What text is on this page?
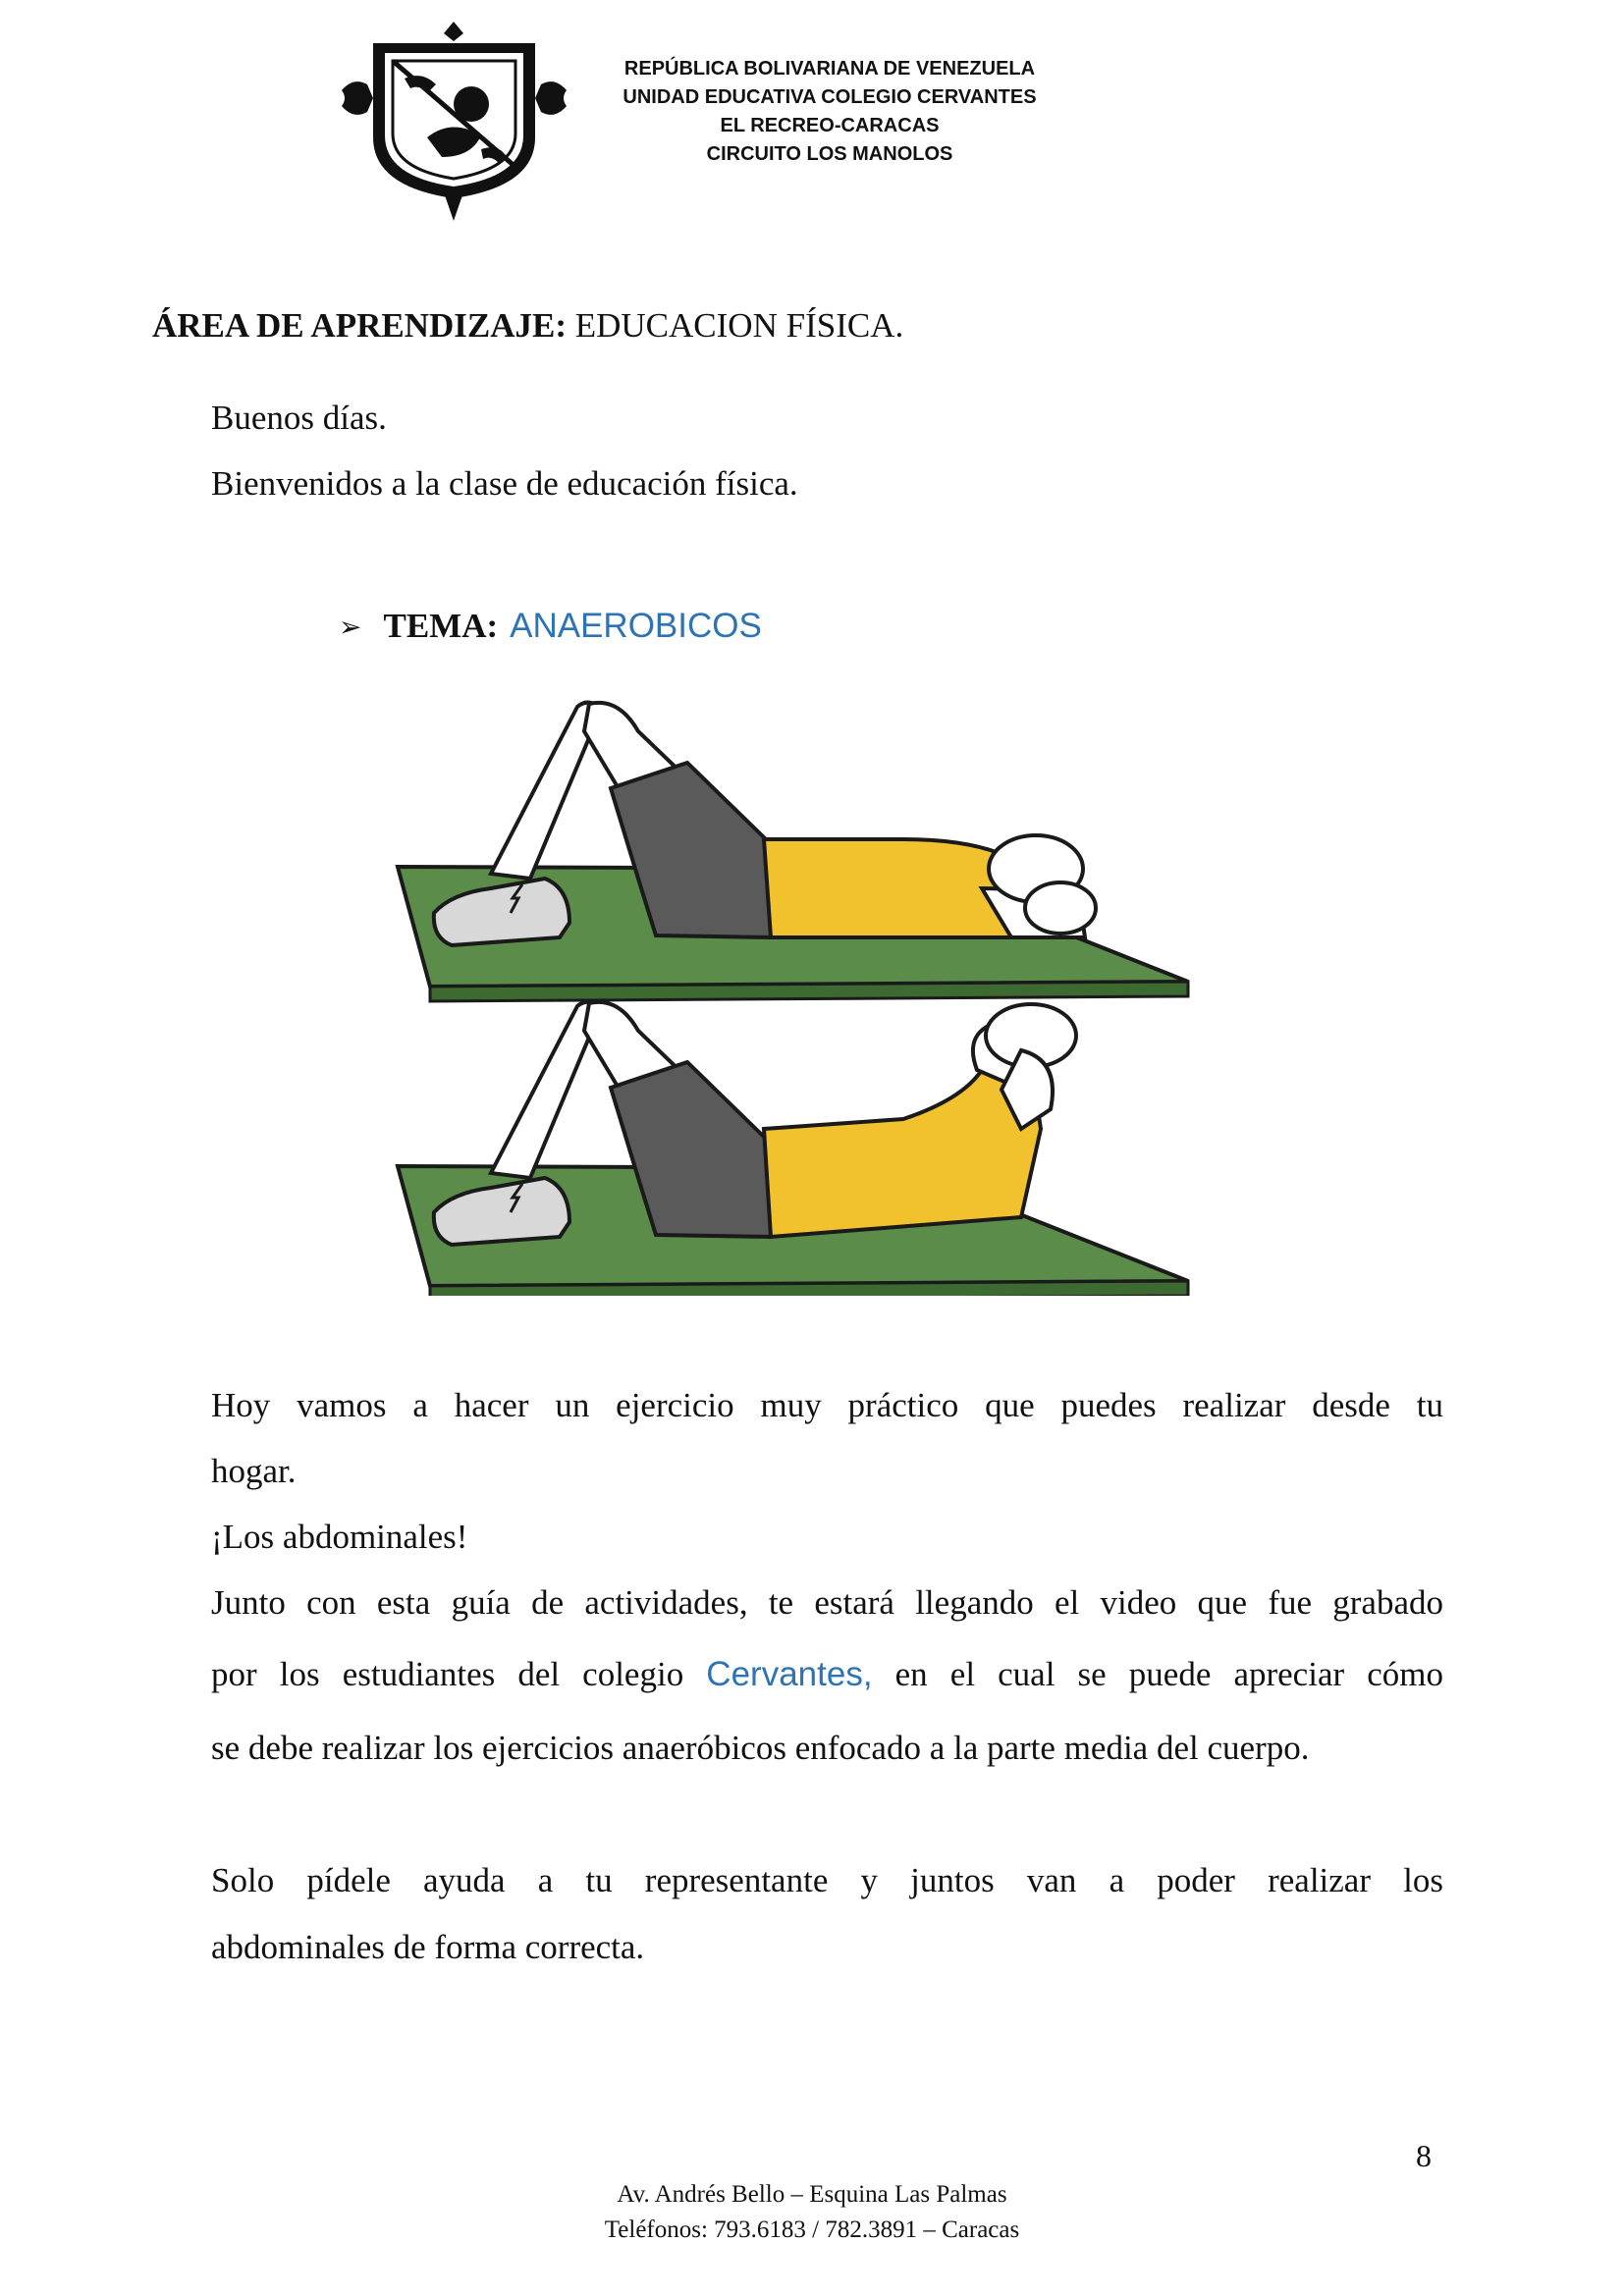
REPÚBLICA BOLIVARIANA DE VENEZUELA
UNIDAD EDUCATIVA COLEGIO CERVANTES
EL RECREO-CARACAS
CIRCUITO LOS MANOLOS
ÁREA DE APRENDIZAJE: EDUCACION FÍSICA.
Buenos días.
Bienvenidos a la clase de educación física.
➢ TEMA: ANAEROBICOS
Hoy vamos a hacer un ejercicio muy práctico que puedes realizar desde tu
hogar.
¡Los abdominales!
Junto con esta guía de actividades, te estará llegando el video que fue grabado
por los estudiantes del colegio Cervantes, en el cual se puede apreciar cómo
se debe realizar los ejercicios anaeróbicos enfocado a la parte media del cuerpo.
Solo pídele ayuda a tu representante y juntos van a poder realizar los
abdominales de forma correcta.
8
Av. Andrés Bello – Esquina Las Palmas
Teléfonos: 793.6183 / 782.3891 – Caracas
